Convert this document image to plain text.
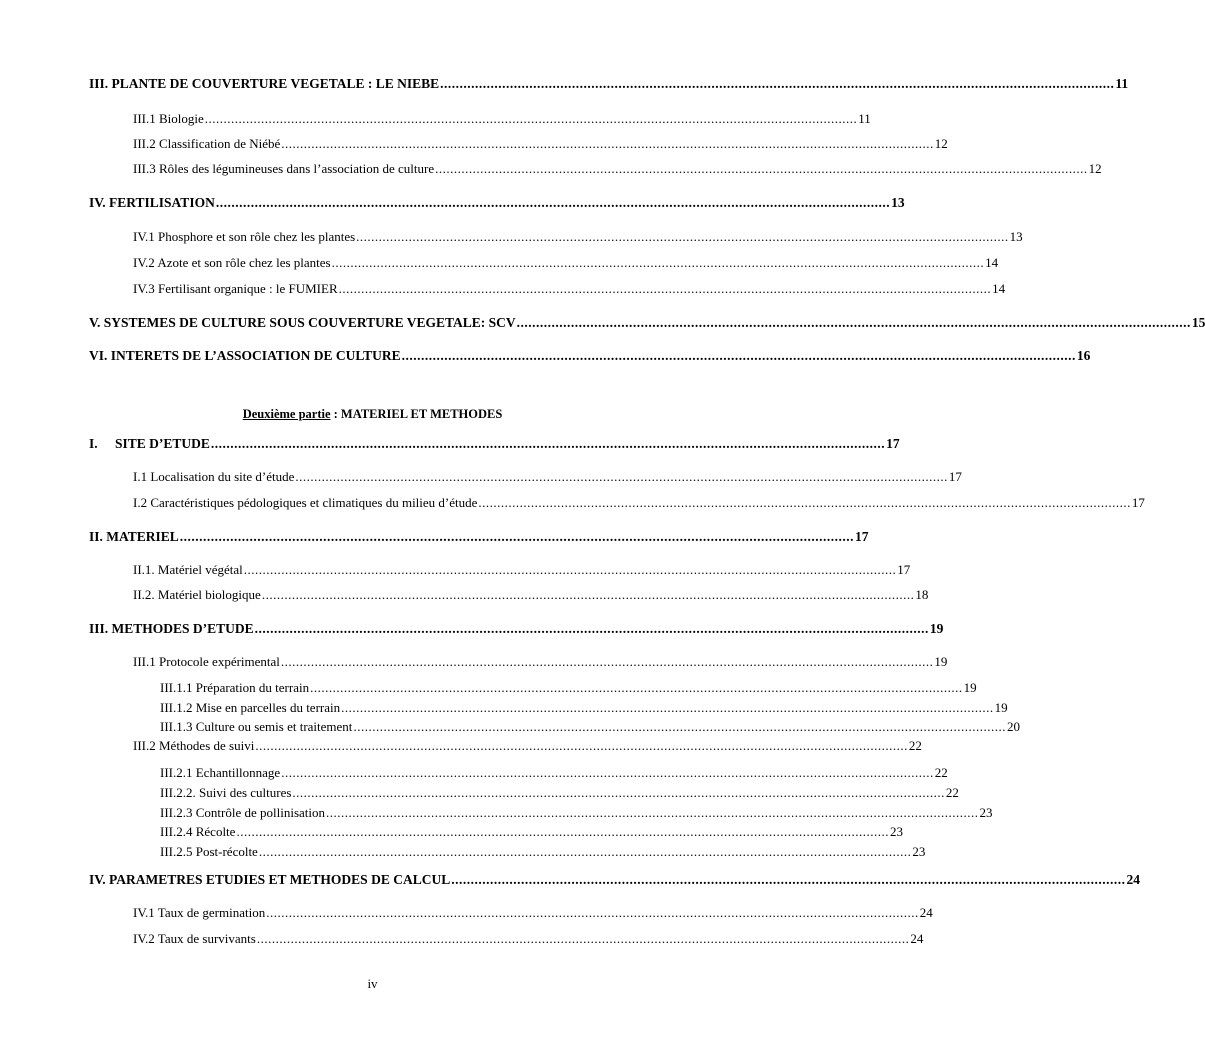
III. PLANTE DE COUVERTURE VEGETALE : LE NIEBE .............................................................................................................................................................................. 11
III.1 Biologie .............................................................................................................................................................................. 11
III.2 Classification de Niébé .............................................................................................................................................................................. 12
III.3 Rôles des légumineuses dans l’association de culture .............................................................................................................................................................................. 12
IV. FERTILISATION .............................................................................................................................................................................. 13
IV.1 Phosphore et son rôle chez les plantes .............................................................................................................................................................................. 13
IV.2 Azote et son rôle chez les plantes .............................................................................................................................................................................. 14
IV.3 Fertilisant organique : le FUMIER .............................................................................................................................................................................. 14
V. SYSTEMES DE CULTURE SOUS COUVERTURE VEGETALE: SCV .............................................................................................................................................................................. 15
VI. INTERETS DE L’ASSOCIATION DE CULTURE .............................................................................................................................................................................. 16
Deuxième partie : MATERIEL ET METHODES
I. SITE D’ETUDE .............................................................................................................................................................................. 17
I.1 Localisation du site d’étude .............................................................................................................................................................................. 17
I.2 Caractéristiques pédologiques et climatiques du milieu d’étude .............................................................................................................................................................................. 17
II. MATERIEL .............................................................................................................................................................................. 17
II.1. Matériel végétal .............................................................................................................................................................................. 17
II.2. Matériel biologique .............................................................................................................................................................................. 18
III. METHODES D’ETUDE .............................................................................................................................................................................. 19
III.1 Protocole expérimental .............................................................................................................................................................................. 19
III.1.1 Préparation du terrain .............................................................................................................................................................................. 19
III.1.2 Mise en parcelles du terrain .............................................................................................................................................................................. 19
III.1.3 Culture ou semis et traitement .............................................................................................................................................................................. 20
III.2 Méthodes de suivi .............................................................................................................................................................................. 22
III.2.1 Echantillonnage .............................................................................................................................................................................. 22
III.2.2. Suivi des cultures .............................................................................................................................................................................. 22
III.2.3 Contrôle de pollinisation .............................................................................................................................................................................. 23
III.2.4 Récolte .............................................................................................................................................................................. 23
III.2.5 Post-récolte .............................................................................................................................................................................. 23
IV. PARAMETRES ETUDIES ET METHODES DE CALCUL .............................................................................................................................................................................. 24
IV.1 Taux de germination .............................................................................................................................................................................. 24
IV.2 Taux de survivants .............................................................................................................................................................................. 24
iv
